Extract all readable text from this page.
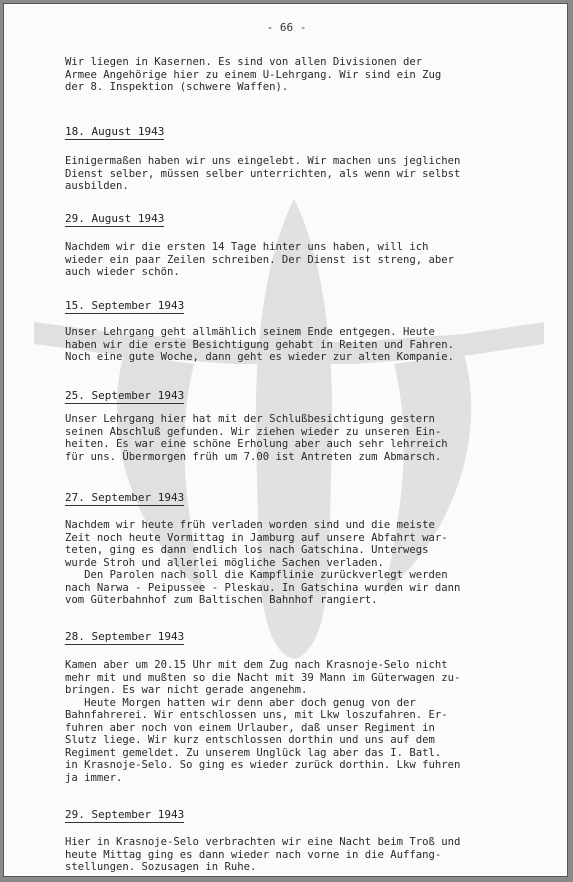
- 66 -

Wir liegen in Kasernen. Es sind von allen Divisionen der

Armee Angehörige hier zu einem U-Lehrgang. Wir sind ein Zug

der 8. Inspektion (schwere Waffen).

18. August 1943

Einigermaßen haben wir uns eingelebt. Wir machen uns jeglichen

Dienst selber, müssen selber unterrichten, als wenn wir selbst

ausbilden.

29. August 1943

Nachdem wir die ersten 14 Tage hinter uns haben, will ich

wieder ein paar Zeilen schreiben. Der Dienst ist streng, aber

auch wieder schön.

15. September 1943

Unser Lehrgang geht allmählich seinem Ende entgegen. Heute

haben wir die erste Besichtigung gehabt in Reiten und Fahren.

Noch eine gute Woche, dann geht es wieder zur alten Kompanie.

25. September 1943

Unser Lehrgang hier hat mit der Schlußbesichtigung gestern

seinen Abschluß gefunden. Wir ziehen wieder zu unseren Ein-

heiten. Es war eine schöne Erholung aber auch sehr lehrreich

für uns. Übermorgen früh um 7.00 ist Antreten zum Abmarsch.

27. September 1943

Nachdem wir heute früh verladen worden sind und die meiste

Zeit noch heute Vormittag in Jamburg auf unsere Abfahrt war-

teten, ging es dann endlich los nach Gatschina. Unterwegs

wurde Stroh und allerlei mögliche Sachen verladen.

Den Parolen nach soll die Kampflinie zurückverlegt werden

nach Narwa - Peipussee - Pleskau. In Gatschina wurden wir dann

vom Güterbahnhof zum Baltischen Bahnhof rangiert.

28. September 1943

Kamen aber um 20.15 Uhr mit dem Zug nach Krasnoje-Selo nicht

mehr mit und mußten so die Nacht mit 39 Mann im Güterwagen zu-

bringen. Es war nicht gerade angenehm.

Heute Morgen hatten wir denn aber doch genug von der

Bahnfahrerei. Wir entschlossen uns, mit Lkw loszufahren. Er-

fuhren aber noch von einem Urlauber, daß unser Regiment in

Slutz liege. Wir kurz entschlossen dorthin und uns auf dem

Regiment gemeldet. Zu unserem Unglück lag aber das I. Batl.

in Krasnoje-Selo. So ging es wieder zurück dorthin. Lkw fuhren

ja immer.

29. September 1943

Hier in Krasnoje-Selo verbrachten wir eine Nacht beim Troß und

heute Mittag ging es dann wieder nach vorne in die Auffang-

stellungen. Sozusagen in Ruhe.
